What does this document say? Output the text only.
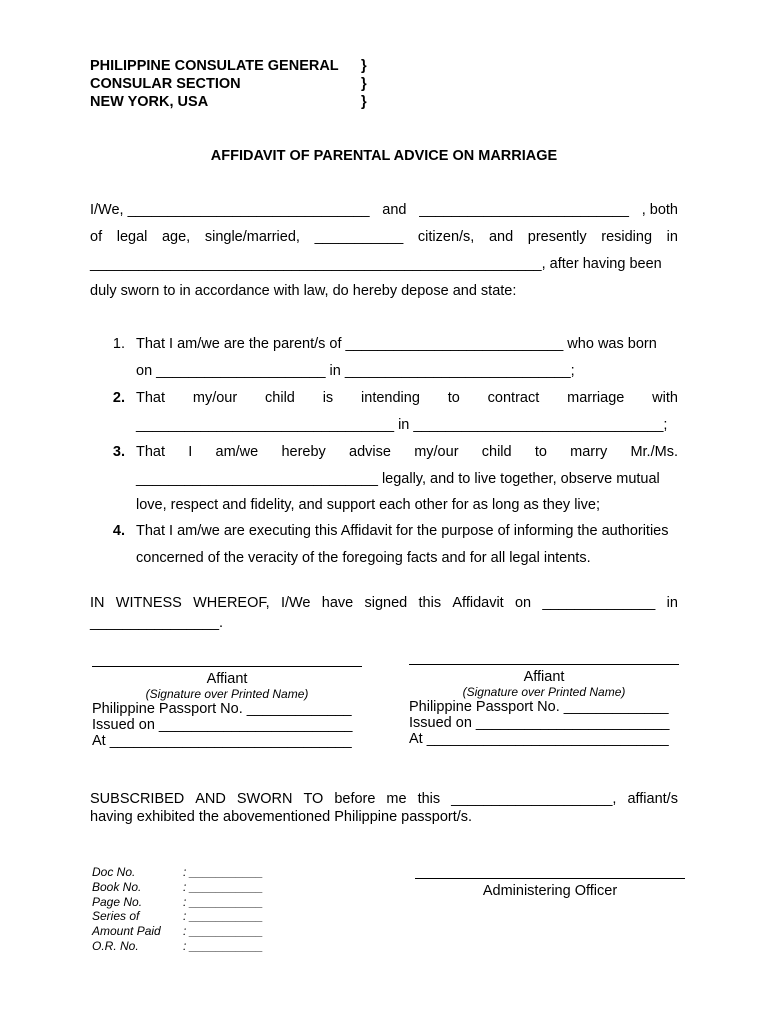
PHILIPPINE CONSULATE GENERAL
CONSULAR SECTION
NEW YORK, USA
}
}
}
AFFIDAVIT OF PARENTAL ADVICE ON MARRIAGE
I/We, ______________________________ and __________________________ , both
of legal age, single/married, ___________ citizen/s, and presently residing in
________________________________________________________, after having been
duly sworn to in accordance with law, do hereby depose and state:
1. That I am/we are the parent/s of ___________________________ who was born
on _____________________ in ____________________________;
2. That my/our child is intending to contract marriage with
________________________________ in _______________________________;
3. That I am/we hereby advise my/our child to marry Mr./Ms.
______________________________ legally, and to live together, observe mutual
love, respect and fidelity, and support each other for as long as they live;
4. That I am/we are executing this Affidavit for the purpose of informing the authorities
concerned of the veracity of the foregoing facts and for all legal intents.
IN WITNESS WHEREOF, I/We have signed this Affidavit on ______________ in
________________.
Affiant
(Signature over Printed Name)
Philippine Passport No. _____________
Issued on ________________________
At ______________________________
Affiant
(Signature over Printed Name)
Philippine Passport No. _____________
Issued on ________________________
At ______________________________
SUBSCRIBED AND SWORN TO before me this ____________________, affiant/s
having exhibited the abovementioned Philippine passport/s.
Doc No.	: ___________
Book No.	: ___________
Page No.	: ___________
Series of	: ___________
Amount Paid : ___________
O.R. No.	: ___________
Administering Officer
